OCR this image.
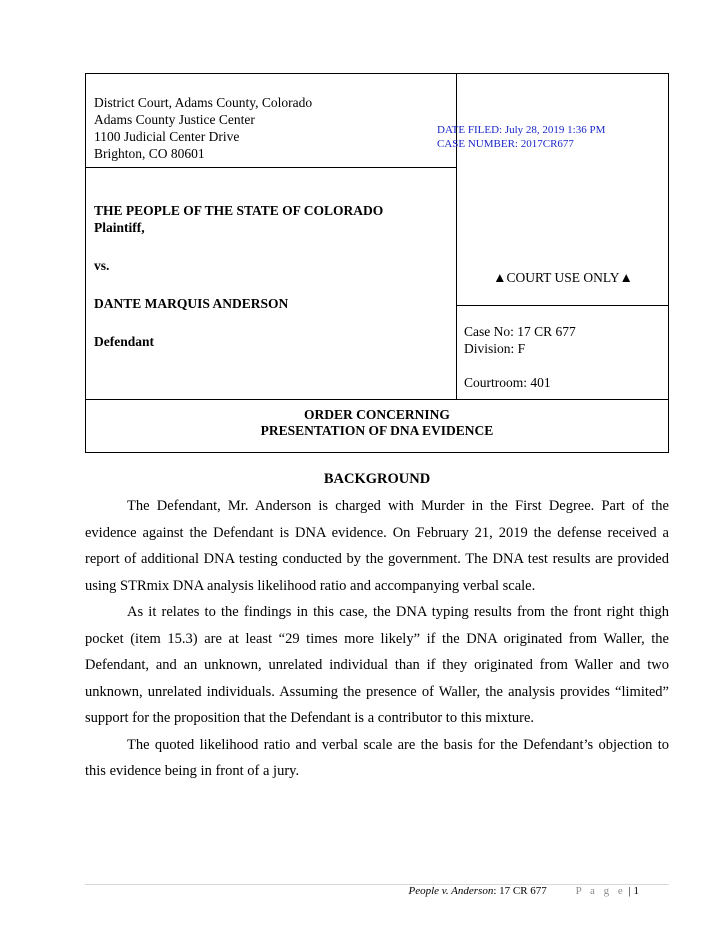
District Court, Adams County, Colorado
Adams County Justice Center
1100 Judicial Center Drive
Brighton, CO 80601
DATE FILED: July 28, 2019 1:36 PM
CASE NUMBER: 2017CR677
THE PEOPLE OF THE STATE OF COLORADO
Plaintiff,
vs.
DANTE MARQUIS ANDERSON
Defendant
▲COURT USE ONLY▲
Case No: 17 CR 677
Division: F
Courtroom: 401
ORDER CONCERNING
PRESENTATION OF DNA EVIDENCE
BACKGROUND

The Defendant, Mr. Anderson is charged with Murder in the First Degree. Part of the evidence against the Defendant is DNA evidence. On February 21, 2019 the defense received a report of additional DNA testing conducted by the government. The DNA test results are provided using STRmix DNA analysis likelihood ratio and accompanying verbal scale.

As it relates to the findings in this case, the DNA typing results from the front right thigh pocket (item 15.3) are at least “29 times more likely” if the DNA originated from Waller, the Defendant, and an unknown, unrelated individual than if they originated from Waller and two unknown, unrelated individuals. Assuming the presence of Waller, the analysis provides “limited” support for the proposition that the Defendant is a contributor to this mixture.

The quoted likelihood ratio and verbal scale are the basis for the Defendant’s objection to this evidence being in front of a jury.

People v. Anderson: 17 CR 677	P a g e | 1
